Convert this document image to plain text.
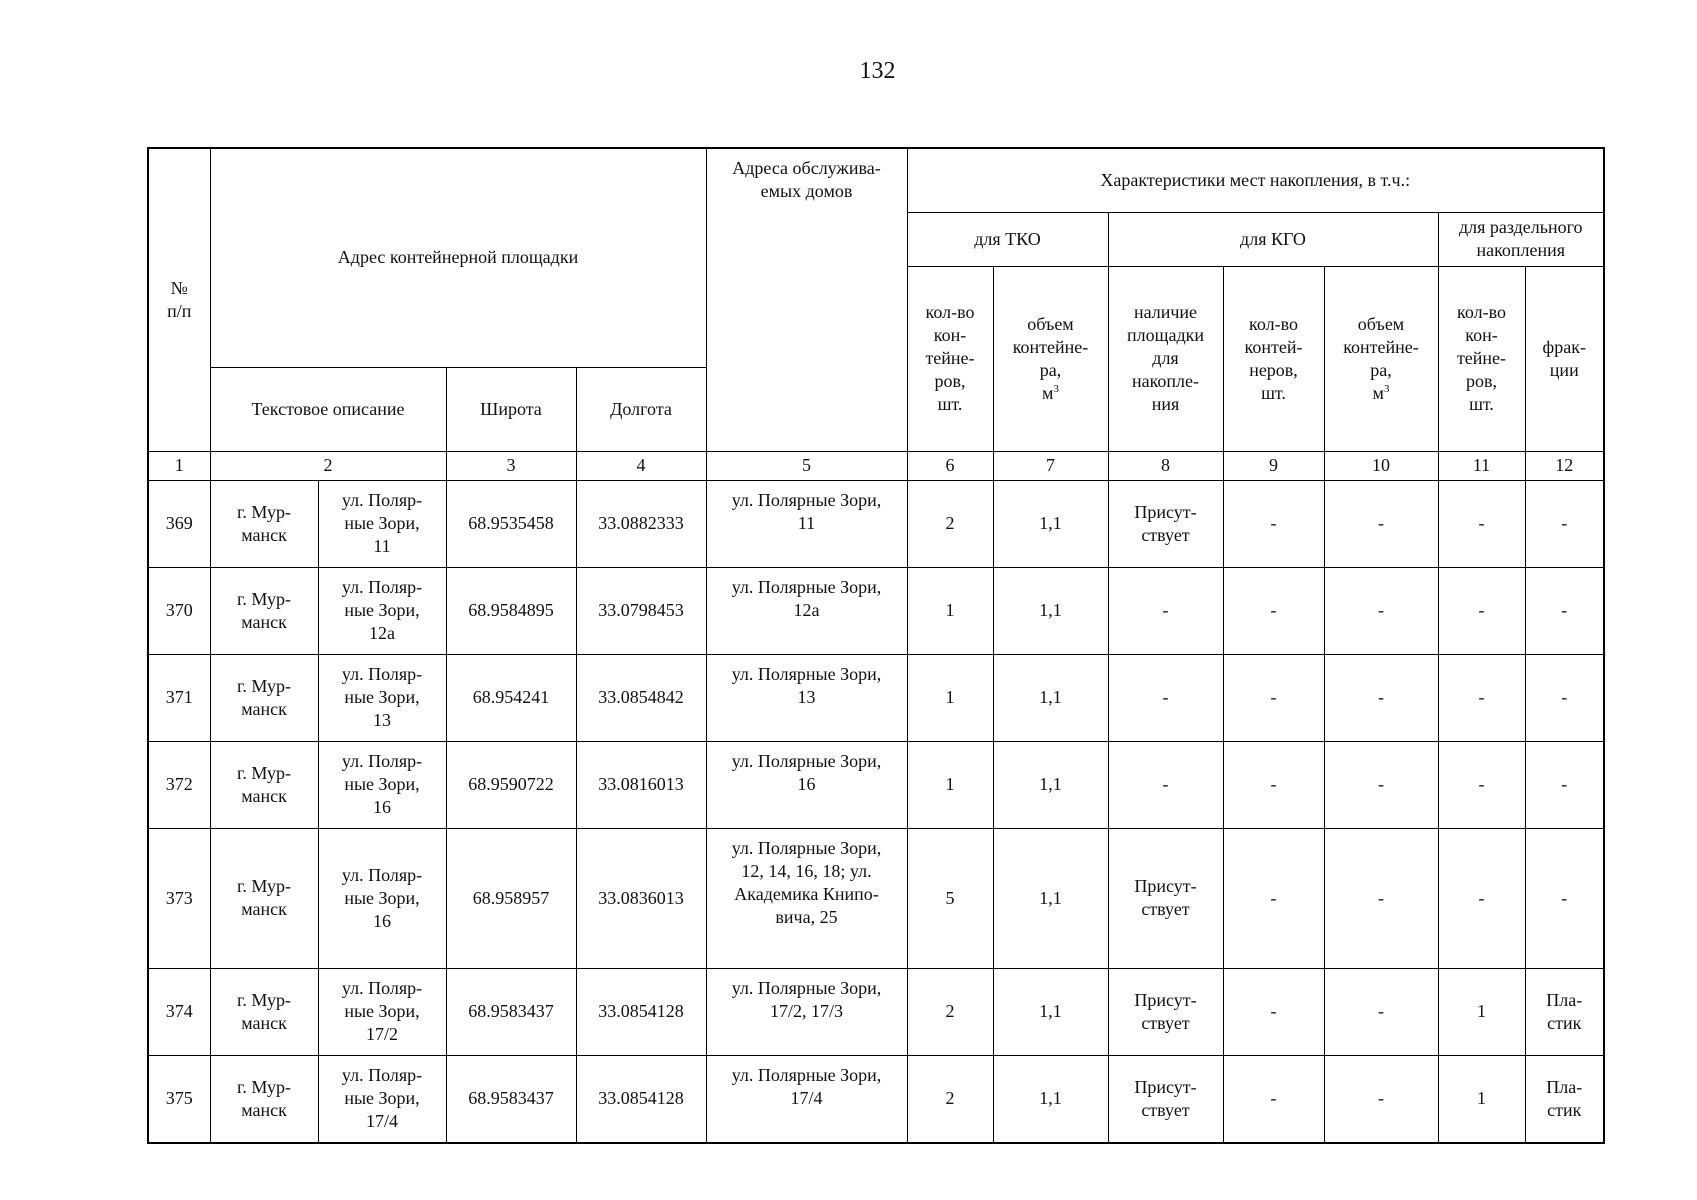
132
№
п/п	Адрес контейнерной площадки				Адреса обслужива-
емых домов	Характеристики мест накопления, в т.ч.:						
						для ТКО		для КГО			для раздельного
накопления	
						кол-во
кон-
тейне-
ров,
шт.	объем
контейне-
ра,
$м^3$	наличие
площадки
для
накопле-
ния	кол-во
контей-
неров,
шт.	объем
контейне-
ра,
$м^3$	кол-во
кон-
тейне-
ров,
шт.	фрак-
ции
	Текстовое описание		Широта	Долгота								
1	2		3	4	5	6	7	8	9	10	11	12
369	г. Мур-
манск	ул. Поляр-
ные Зори,
11	68.9535458	33.0882333	ул. Полярные Зори,
11	2	1,1	Присут-
ствует	-	-	-	-
370	г. Мур-
манск	ул. Поляр-
ные Зори,
12а	68.9584895	33.0798453	ул. Полярные Зори,
12а	1	1,1	-	-	-	-	-
371	г. Мур-
манск	ул. Поляр-
ные Зори,
13	68.954241	33.0854842	ул. Полярные Зори,
13	1	1,1	-	-	-	-	-
372	г. Мур-
манск	ул. Поляр-
ные Зори,
16	68.9590722	33.0816013	ул. Полярные Зори,
16	1	1,1	-	-	-	-	-
373	г. Мур-
манск	ул. Поляр-
ные Зори,
16	68.958957	33.0836013	ул. Полярные Зори,
12, 14, 16, 18; ул.
Академика Книпо-
вича, 25	5	1,1	Присут-
ствует	-	-	-	-
374	г. Мур-
манск	ул. Поляр-
ные Зори,
17/2	68.9583437	33.0854128	ул. Полярные Зори,
17/2, 17/3	2	1,1	Присут-
ствует	-	-	1	Пла-
стик
375	г. Мур-
манск	ул. Поляр-
ные Зори,
17/4	68.9583437	33.0854128	ул. Полярные Зори,
17/4	2	1,1	Присут-
ствует	-	-	1	Пла-
стик
